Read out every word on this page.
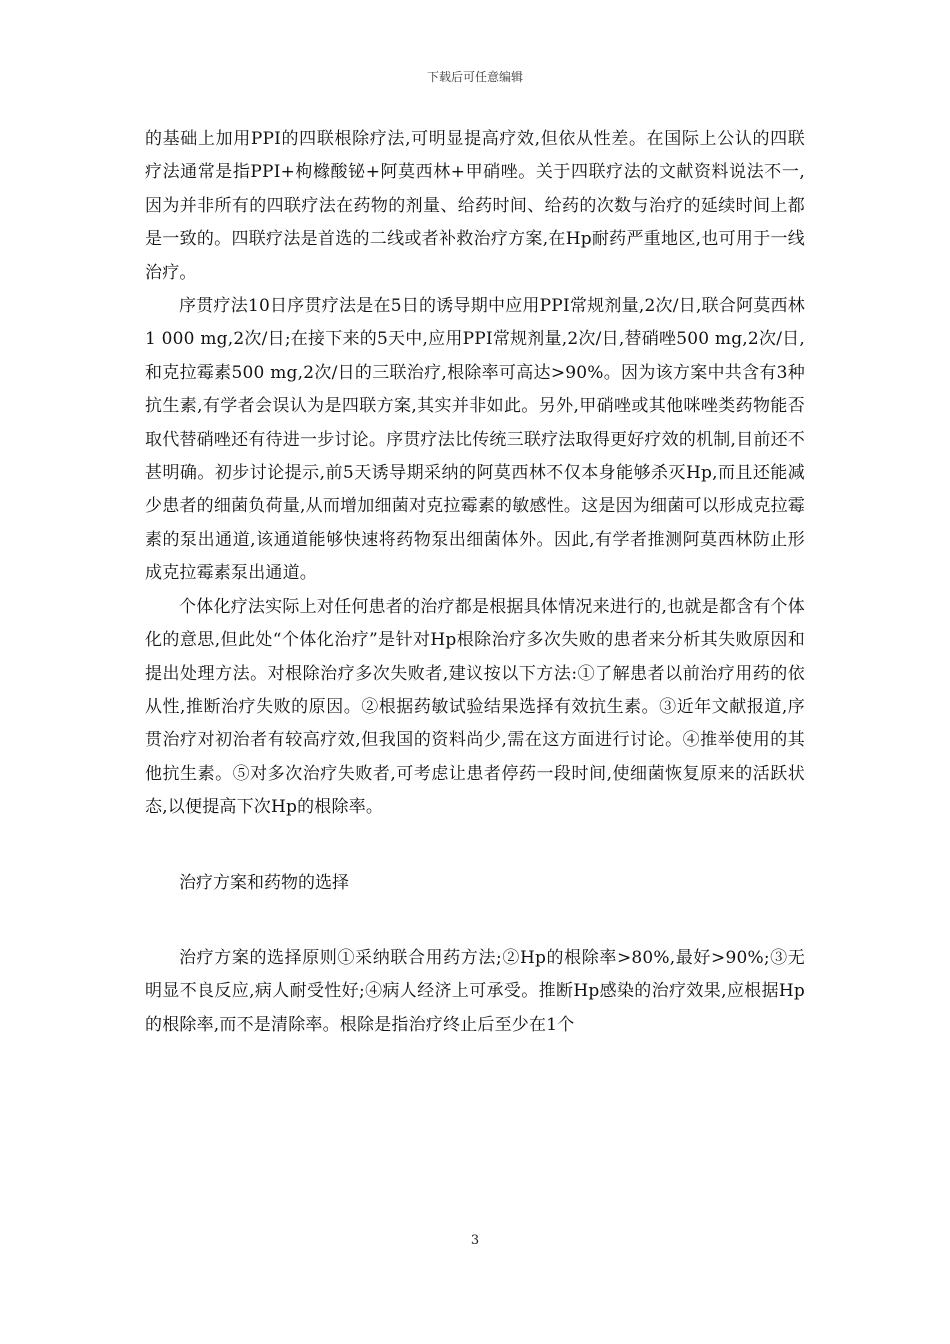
下载后可任意编辑

的基础上加用PPI的四联根除疗法,可明显提高疗效,但依从性差。在国际上公认的四联疗法通常是指PPI+枸橼酸铋+阿莫西林+甲硝唑。关于四联疗法的文献资料说法不一,因为并非所有的四联疗法在药物的剂量、给药时间、给药的次数与治疗的延续时间上都是一致的。四联疗法是首选的二线或者补救治疗方案,在Hp耐药严重地区,也可用于一线治疗。

序贯疗法10日序贯疗法是在5日的诱导期中应用PPI常规剂量,2次/日,联合阿莫西林1 000 mg,2次/日;在接下来的5天中,应用PPI常规剂量,2次/日,替硝唑500 mg,2次/日,和克拉霉素500 mg,2次/日的三联治疗,根除率可高达>90%。因为该方案中共含有3种抗生素,有学者会误认为是四联方案,其实并非如此。另外,甲硝唑或其他咪唑类药物能否取代替硝唑还有待进一步讨论。序贯疗法比传统三联疗法取得更好疗效的机制,目前还不甚明确。初步讨论提示,前5天诱导期采纳的阿莫西林不仅本身能够杀灭Hp,而且还能减少患者的细菌负荷量,从而增加细菌对克拉霉素的敏感性。这是因为细菌可以形成克拉霉素的泵出通道,该通道能够快速将药物泵出细菌体外。因此,有学者推测阿莫西林防止形成克拉霉素泵出通道。

个体化疗法实际上对任何患者的治疗都是根据具体情况来进行的,也就是都含有个体化的意思,但此处“个体化治疗”是针对Hp根除治疗多次失败的患者来分析其失败原因和提出处理方法。对根除治疗多次失败者,建议按以下方法:①了解患者以前治疗用药的依从性,推断治疗失败的原因。②根据药敏试验结果选择有效抗生素。③近年文献报道,序贯治疗对初治者有较高疗效,但我国的资料尚少,需在这方面进行讨论。④推举使用的其他抗生素。⑤对多次治疗失败者,可考虑让患者停药一段时间,使细菌恢复原来的活跃状态,以便提高下次Hp的根除率。

治疗方案和药物的选择

治疗方案的选择原则①采纳联合用药方法;②Hp的根除率>80%,最好>90%;③无明显不良反应,病人耐受性好;④病人经济上可承受。推断Hp感染的治疗效果,应根据Hp的根除率,而不是清除率。根除是指治疗终止后至少在1个

3
